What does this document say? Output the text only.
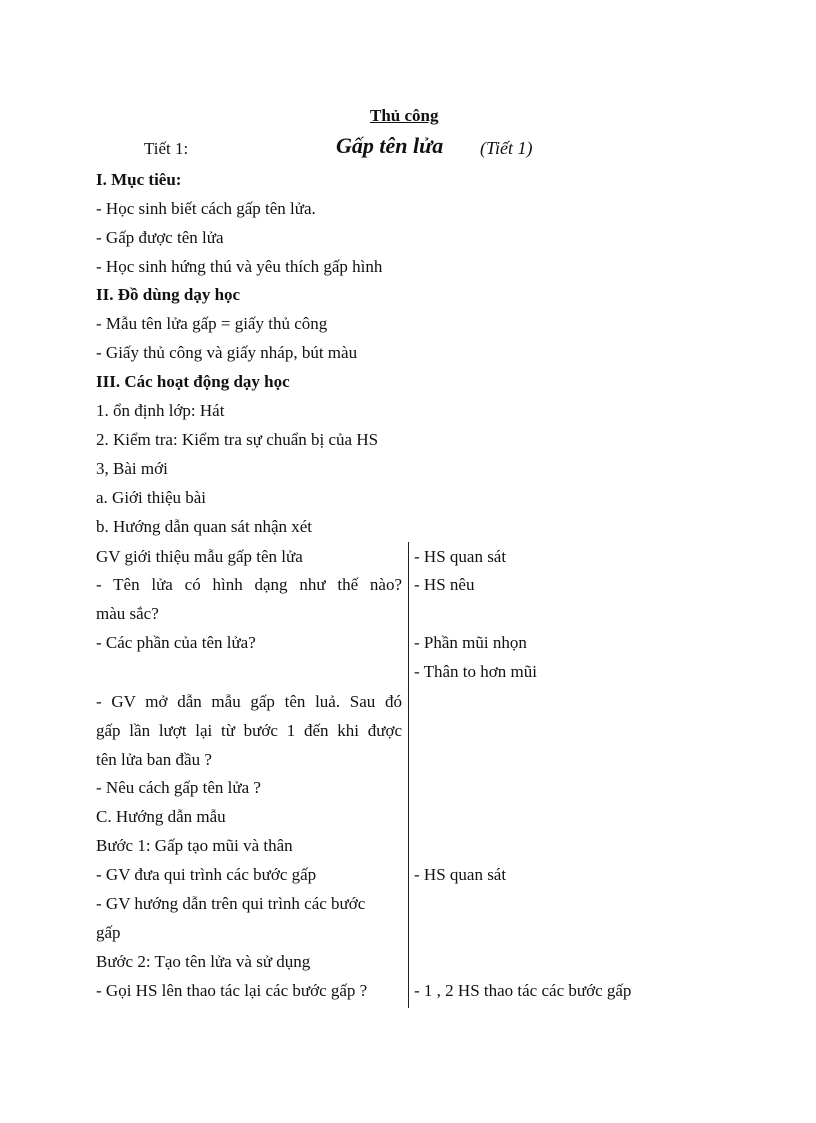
Thủ công
Tiết 1:	Gấp tên lửa (Tiết 1)
I. Mục tiêu:
- Học sinh biết cách gấp tên lửa.
- Gấp được tên lửa
- Học sinh hứng thú và yêu thích gấp hình
II. Đồ dùng dạy học
- Mẫu tên lửa gấp = giấy thủ công
- Giấy thủ công và giấy nháp, bút màu
III. Các hoạt động dạy học
1. ổn định lớp: Hát
2. Kiểm tra: Kiểm tra sự chuẩn bị của HS
3, Bài mới
a. Giới thiệu bài
b. Hướng dẫn quan sát nhận xét
GV giới thiệu mẫu gấp tên lửa
- Tên lửa có hình dạng như thế nào?
màu sắc?
- Các phần của tên lửa?
- GV mở dẫn mẫu gấp tên luả. Sau đó
gấp lần lượt lại từ bước 1 đến khi được
tên lửa ban đầu ?
- Nêu cách gấp tên lửa ?
C. Hướng dẫn mẫu
Bước 1: Gấp tạo mũi và thân
- GV đưa qui trình các bước gấp
- GV hướng dẫn trên qui trình các bước
gấp
Bước 2: Tạo tên lửa và sử dụng
- Gọi HS lên thao tác lại các bước gấp ?
- HS quan sát
- HS nêu
- Phần mũi nhọn
- Thân to hơn mũi
- HS quan sát
- 1 , 2 HS thao tác các bước gấp
